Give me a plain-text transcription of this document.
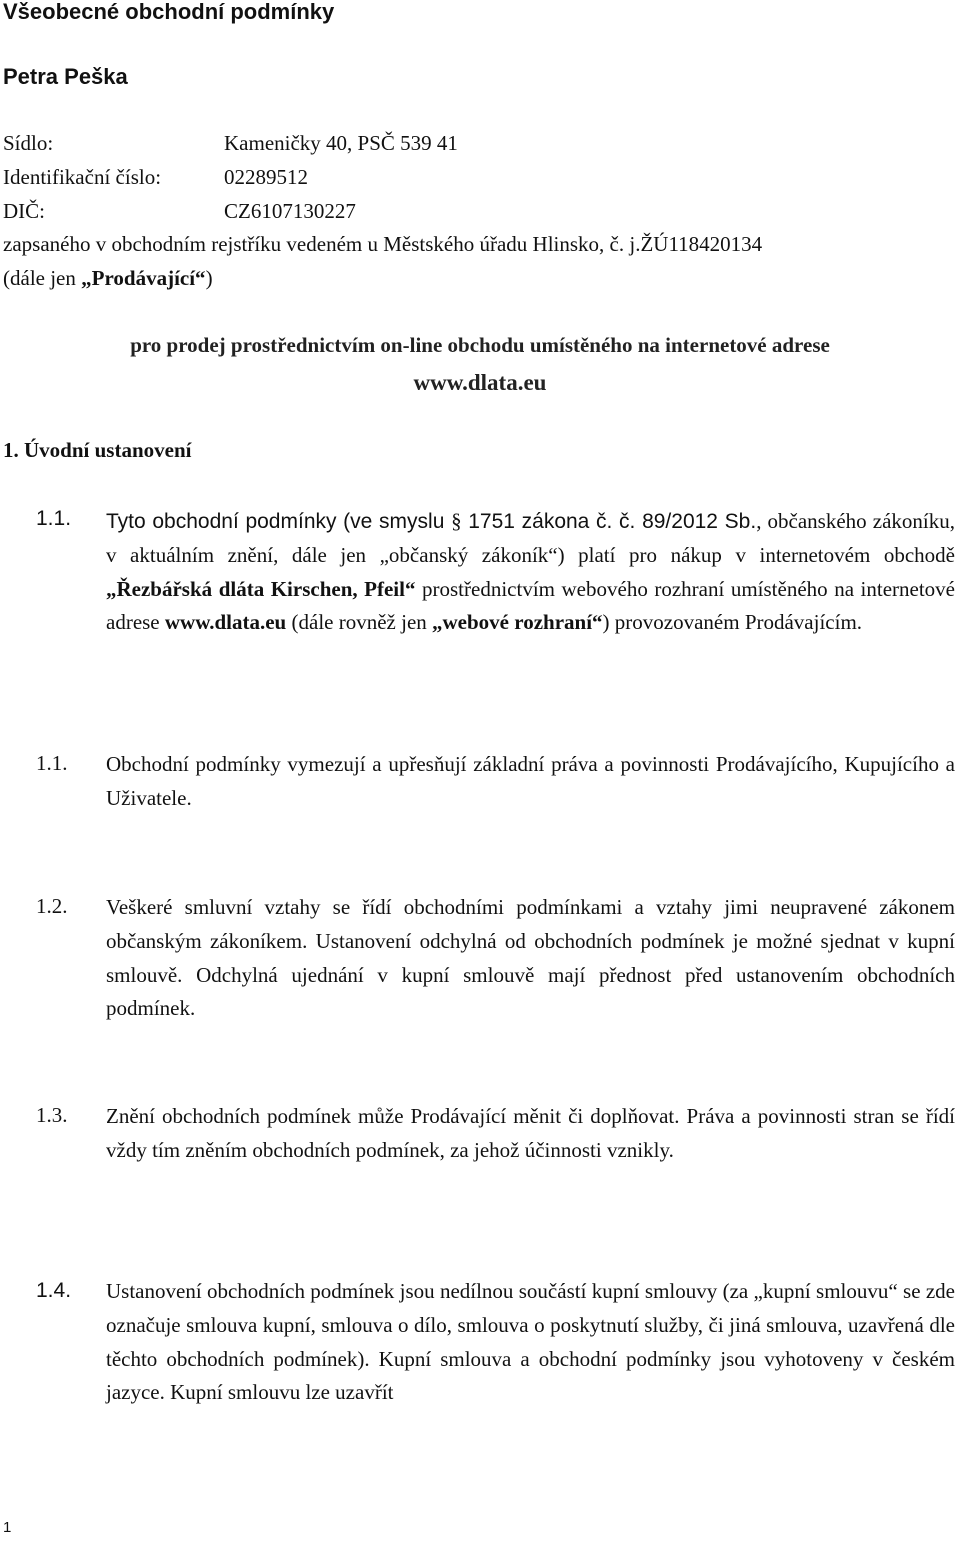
Všeobecné obchodní podmínky
Petra Peška
Sídlo:	Kameničky 40, PSČ 539 41
Identifikační číslo:	02289512
DIČ:	CZ6107130227
zapsaného v obchodním rejstříku vedeném u Městského úřadu Hlinsko, č. j.ŽÚ118420134
(dále jen „Prodávající“)
pro prodej prostřednictvím on-line obchodu umístěného na internetové adrese
www.dlata.eu
1. Úvodní ustanovení
1.1. Tyto obchodní podmínky (ve smyslu § 1751 zákona č. č. 89/2012 Sb., občanského zákoníku, v aktuálním znění, dále jen „občanský zákoník“) platí pro nákup v internetovém obchodě „Řezbářská dláta Kirschen, Pfeil“ prostřednictvím webového rozhraní umístěného na internetové adrese www.dlata.eu (dále rovněž jen „webové rozhraní“) provozovaném Prodávajícím.
1.1. Obchodní podmínky vymezují a upřesňují základní práva a povinnosti Prodávajícího, Kupujícího a Uživatele.
1.2. Veškeré smluvní vztahy se řídí obchodními podmínkami a vztahy jimi neupravené zákonem občanským zákoníkem. Ustanovení odchylná od obchodních podmínek je možné sjednat v kupní smlouvě. Odchylná ujednání v kupní smlouvě mají přednost před ustanovením obchodních podmínek.
1.3. Znění obchodních podmínek může Prodávající měnit či doplňovat. Práva a povinnosti stran se řídí vždy tím zněním obchodních podmínek, za jehož účinnosti vznikly.
1.4. Ustanovení obchodních podmínek jsou nedílnou součástí kupní smlouvy (za „kupní smlouvu“ se zde označuje smlouva kupní, smlouva o dílo, smlouva o poskytnutí služby, či jiná smlouva, uzavřená dle těchto obchodních podmínek). Kupní smlouva a obchodní podmínky jsou vyhotoveny v českém jazyce. Kupní smlouvu lze uzavřít
1
